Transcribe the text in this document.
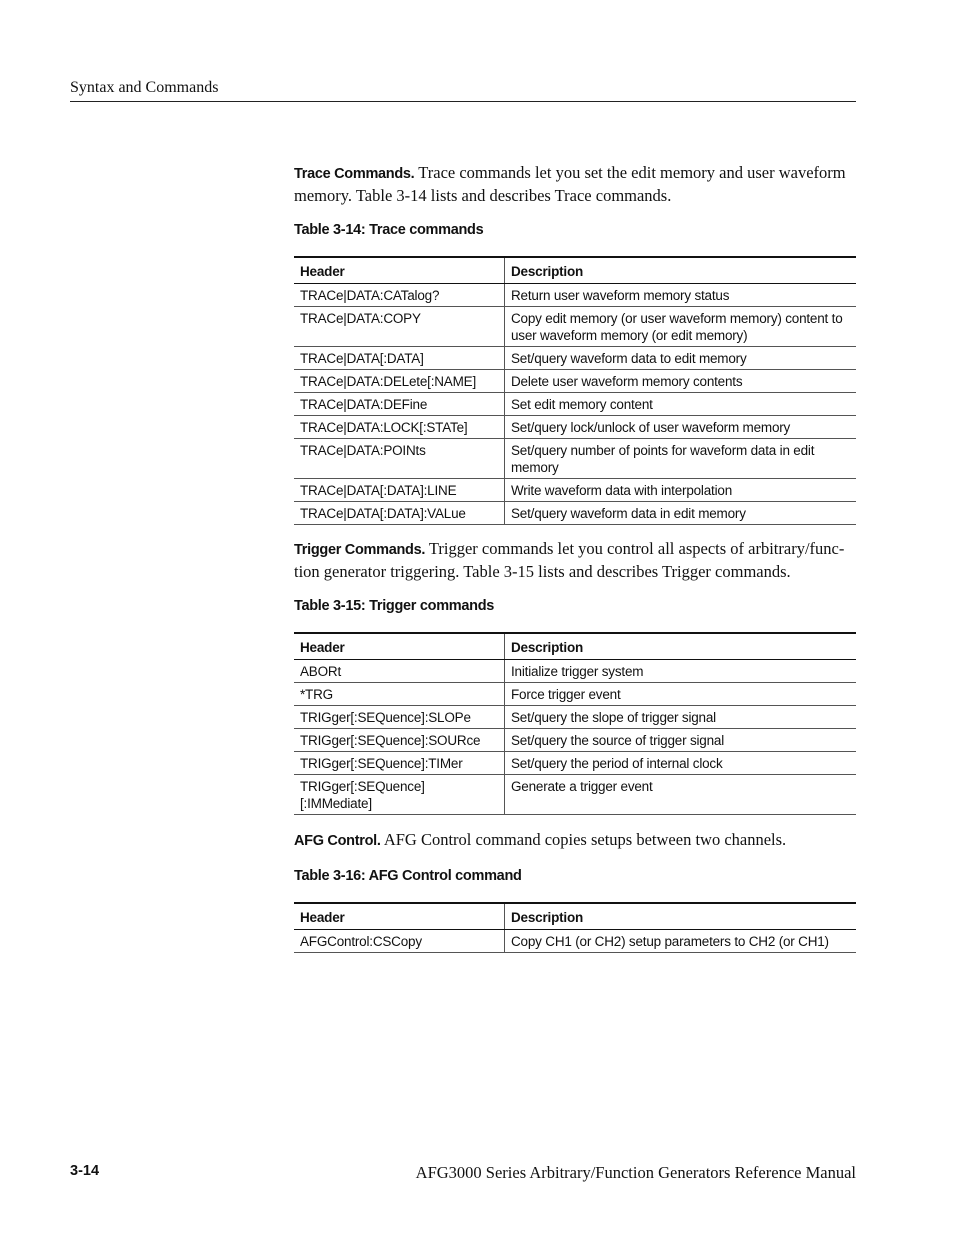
Syntax and Commands

Trace Commands. Trace commands let you set the edit memory and user waveform memory. Table 3-14 lists and describes Trace commands.

Table 3-14: Trace commands
Header	Description
TRACe|DATA:CATalog?	Return user waveform memory status
TRACe|DATA:COPY	Copy edit memory (or user waveform memory) content to user waveform memory (or edit memory)
TRACe|DATA[:DATA]	Set/query waveform data to edit memory
TRACe|DATA:DELete[:NAME]	Delete user waveform memory contents
TRACe|DATA:DEFine	Set edit memory content
TRACe|DATA:LOCK[:STATe]	Set/query lock/unlock of user waveform memory
TRACe|DATA:POINts	Set/query number of points for waveform data in edit memory
TRACe|DATA[:DATA]:LINE	Write waveform data with interpolation
TRACe|DATA[:DATA]:VALue	Set/query waveform data in edit memory

Trigger Commands. Trigger commands let you control all aspects of arbitrary/func-tion generator triggering. Table 3-15 lists and describes Trigger commands.

Table 3-15: Trigger commands
Header	Description
ABORt	Initialize trigger system
*TRG	Force trigger event
TRIGger[:SEQuence]:SLOPe	Set/query the slope of trigger signal
TRIGger[:SEQuence]:SOURce	Set/query the source of trigger signal
TRIGger[:SEQuence]:TIMer	Set/query the period of internal clock
TRIGger[:SEQuence] [:IMMediate]	Generate a trigger event

AFG Control. AFG Control command copies setups between two channels.

Table 3-16: AFG Control command
Header	Description
AFGControl:CSCopy	Copy CH1 (or CH2) setup parameters to CH2 (or CH1)
3-14	AFG3000 Series Arbitrary/Function Generators Reference Manual
